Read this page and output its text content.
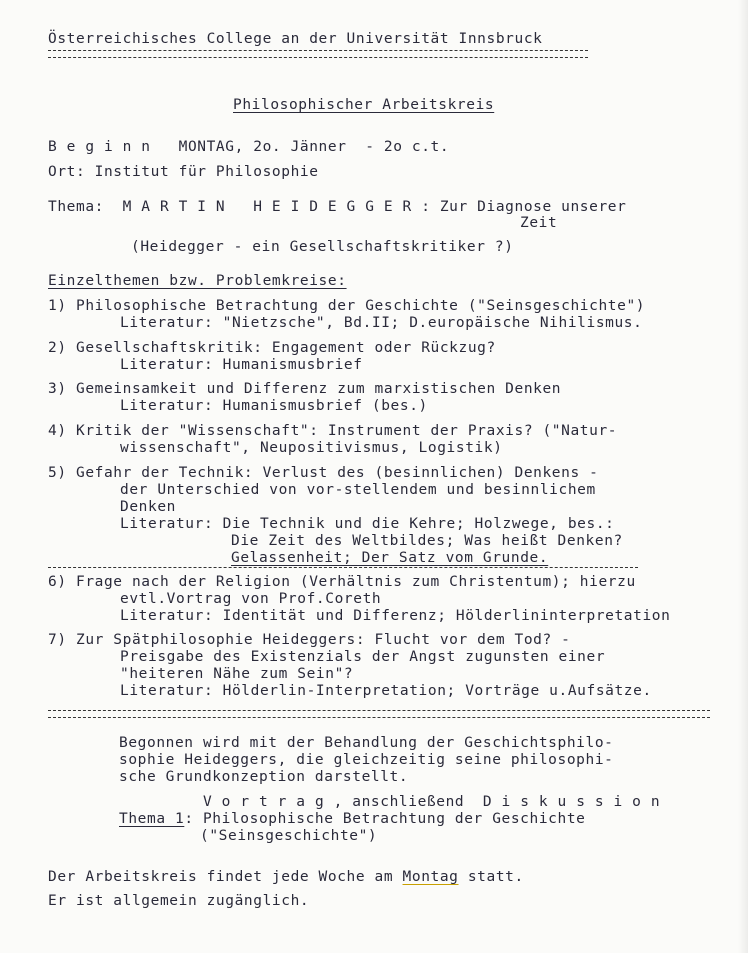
Österreichisches College an der Universität Innsbruck
Philosophischer Arbeitskreis
B e g i n n   MONTAG, 2o. Jänner  - 2o c.t.
Ort: Institut für Philosophie
Thema:  M A R T I N   H E I D E G G E R : Zur Diagnose unserer
Zeit
(Heidegger - ein Gesellschaftskritiker ?)
Einzelthemen bzw. Problemkreise:
1) Philosophische Betrachtung der Geschichte ("Seinsgeschichte")
Literatur: "Nietzsche", Bd.II; D.europäische Nihilismus.
2) Gesellschaftskritik: Engagement oder Rückzug?
Literatur: Humanismusbrief
3) Gemeinsamkeit und Differenz zum marxistischen Denken
Literatur: Humanismusbrief (bes.)
4) Kritik der "Wissenschaft": Instrument der Praxis? ("Natur-
wissenschaft", Neupositivismus, Logistik)
5) Gefahr der Technik: Verlust des (besinnlichen) Denkens -
der Unterschied von vor-stellendem und besinnlichem
Denken
Literatur: Die Technik und die Kehre; Holzwege, bes.:
Die Zeit des Weltbildes; Was heißt Denken?
Gelassenheit; Der Satz vom Grunde.
6) Frage nach der Religion (Verhältnis zum Christentum); hierzu
evtl.Vortrag von Prof.Coreth
Literatur: Identität und Differenz; Hölderlininterpretation
7) Zur Spätphilosophie Heideggers: Flucht vor dem Tod? -
Preisgabe des Existenzials der Angst zugunsten einer
"heiteren Nähe zum Sein"?
Literatur: Hölderlin-Interpretation; Vorträge u.Aufsätze.
Begonnen wird mit der Behandlung der Geschichtsphilo-
sophie Heideggers, die gleichzeitig seine philosophi-
sche Grundkonzeption darstellt.
V o r t r a g , anschließend  D i s k u s s i o n
Thema 1: Philosophische Betrachtung der Geschichte
("Seinsgeschichte")
Der Arbeitskreis findet jede Woche am Montag statt.
Er ist allgemein zugänglich.
